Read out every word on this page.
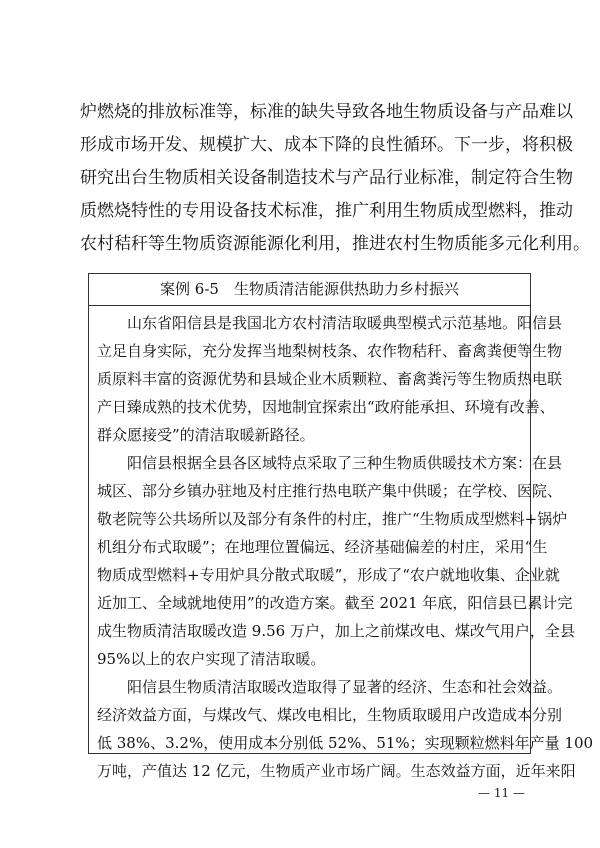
炉燃烧的排放标准等，标准的缺失导致各地生物质设备与产品难以
形成市场开发、规模扩大、成本下降的良性循环。下一步，将积极
研究出台生物质相关设备制造技术与产品行业标准，制定符合生物
质燃烧特性的专用设备技术标准，推广利用生物质成型燃料，推动
农村秸秆等生物质资源能源化利用，推进农村生物质能多元化利用。
案例 6-5　生物质清洁能源供热助力乡村振兴
　　山东省阳信县是我国北方农村清洁取暖典型模式示范基地。阳信县
立足自身实际，充分发挥当地梨树枝条、农作物秸秆、畜禽粪便等生物
质原料丰富的资源优势和县域企业木质颗粒、畜禽粪污等生物质热电联
产日臻成熟的技术优势，因地制宜探索出“政府能承担、环境有改善、
群众愿接受”的清洁取暖新路径。
　　阳信县根据全县各区域特点采取了三种生物质供暖技术方案：在县
城区、部分乡镇办驻地及村庄推行热电联产集中供暖；在学校、医院、
敬老院等公共场所以及部分有条件的村庄，推广“生物质成型燃料+锅炉
机组分布式取暖”；在地理位置偏远、经济基础偏差的村庄，采用“生
物质成型燃料+专用炉具分散式取暖”，形成了“农户就地收集、企业就
近加工、全域就地使用”的改造方案。截至 2021 年底，阳信县已累计完
成生物质清洁取暖改造 9.56 万户，加上之前煤改电、煤改气用户，全县
95%以上的农户实现了清洁取暖。
　　阳信县生物质清洁取暖改造取得了显著的经济、生态和社会效益。
经济效益方面，与煤改气、煤改电相比，生物质取暖用户改造成本分别
低 38%、3.2%，使用成本分别低 52%、51%；实现颗粒燃料年产量 100
万吨，产值达 12 亿元，生物质产业市场广阔。生态效益方面，近年来阳
— 11 —
